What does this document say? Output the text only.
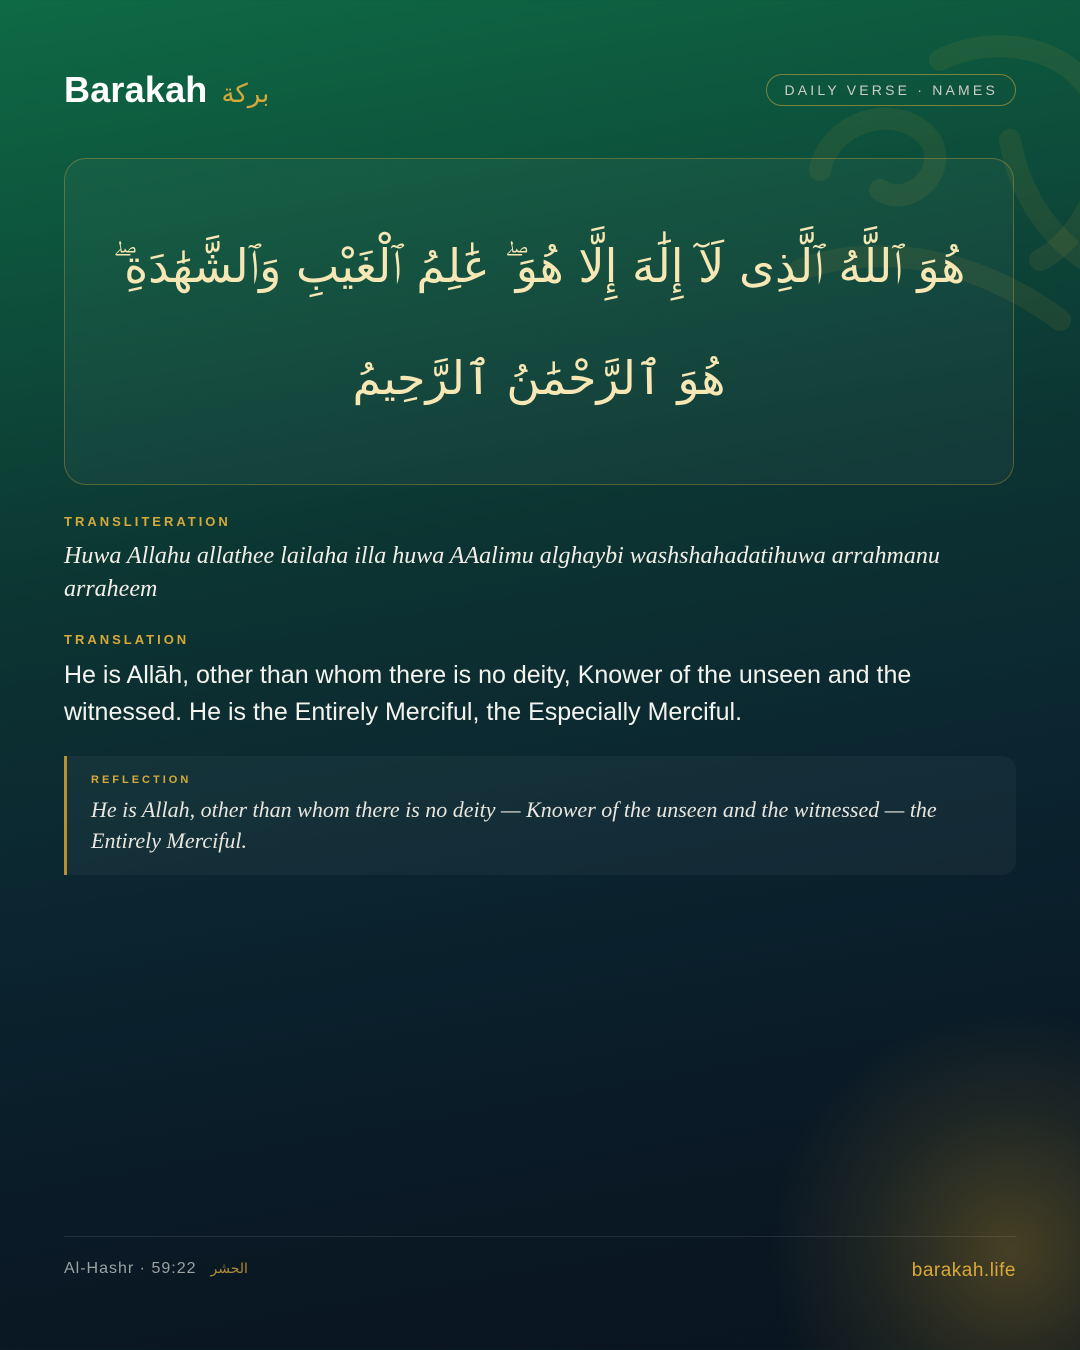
Barakah بركة	DAILY VERSE · NAMES
هُوَ ٱللَّهُ ٱلَّذِى لَآ إِلَٰهَ إِلَّا هُوَ ۖ عَٰلِمُ ٱلْغَيْبِ وَٱلشَّهَٰدَةِ ۖ
هُوَ ٱلرَّحْمَٰنُ ٱلرَّحِيمُ
TRANSLITERATION
Huwa Allahu allathee lailaha illa huwa AAalimu alghaybi washshahadatihuwa arrahmanu arraheem
TRANSLATION
He is Allāh, other than whom there is no deity, Knower of the unseen and the witnessed. He is the Entirely Merciful, the Especially Merciful.
REFLECTION
He is Allah, other than whom there is no deity — Knower of the unseen and the witnessed — the Entirely Merciful.
Al-Hashr · 59:22 الحشر	barakah.life
